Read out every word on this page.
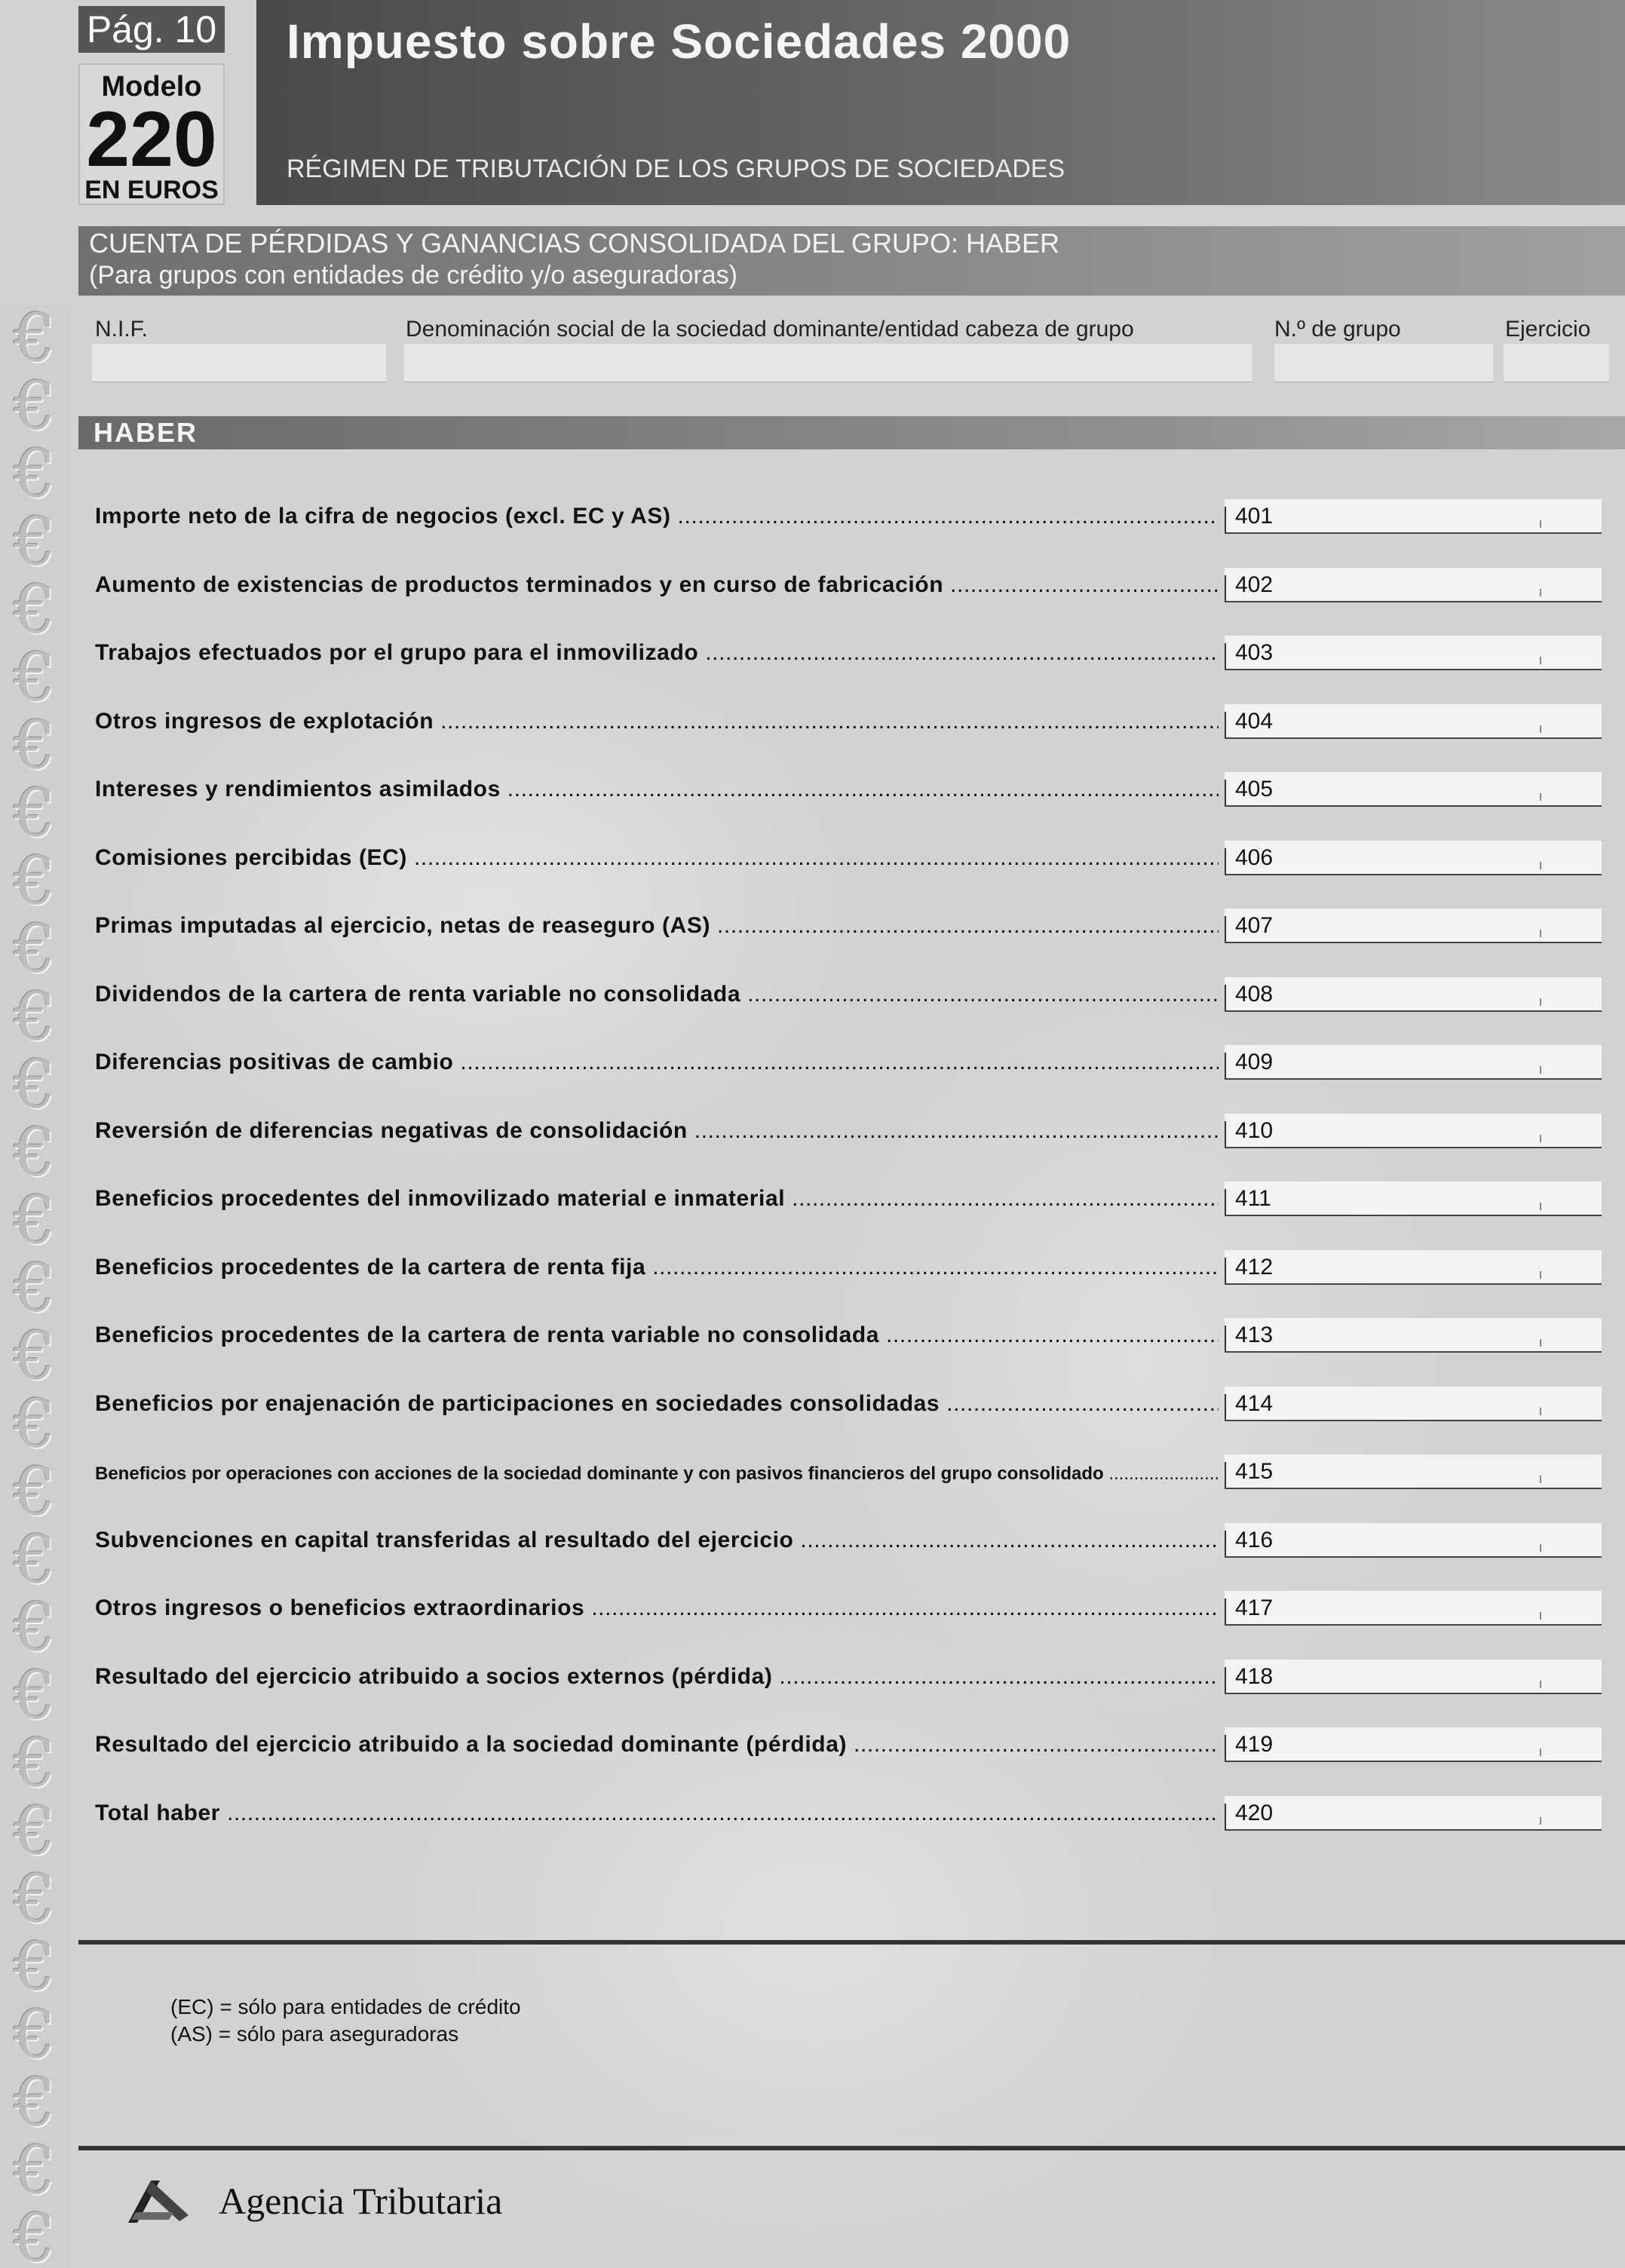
€
€
€
€
€
€
€
€
€
€
€
€
€
€
€
€
€
€
€
€
€
€
€
€
€
€
€
€
€
Pág. 10
Modelo
220
EN EUROS
Impuesto sobre Sociedades 2000
RÉGIMEN DE TRIBUTACIÓN DE LOS GRUPOS DE SOCIEDADES
CUENTA DE PÉRDIDAS Y GANANCIAS CONSOLIDADA DEL GRUPO: HABER
(Para grupos con entidades de crédito y/o aseguradoras)
N.I.F.	Denominación social de la sociedad dominante/entidad cabeza de grupo	N.º de grupo	Ejercicio
HABER
Importe neto de la cifra de negocios (excl. EC y AS) .....	401
Aumento de existencias de productos terminados y en curso de fabricación .....	402
Trabajos efectuados por el grupo para el inmovilizado .....	403
Otros ingresos de explotación .....	404
Intereses y rendimientos asimilados .....	405
Comisiones percibidas (EC) .....	406
Primas imputadas al ejercicio, netas de reaseguro (AS) .....	407
Dividendos de la cartera de renta variable no consolidada .....	408
Diferencias positivas de cambio .....	409
Reversión de diferencias negativas de consolidación .....	410
Beneficios procedentes del inmovilizado material e inmaterial .....	411
Beneficios procedentes de la cartera de renta fija .....	412
Beneficios procedentes de la cartera de renta variable no consolidada .....	413
Beneficios por enajenación de participaciones en sociedades consolidadas .....	414
Beneficios por operaciones con acciones de la sociedad dominante y con pasivos financieros del grupo consolidado .....	415
Subvenciones en capital transferidas al resultado del ejercicio .....	416
Otros ingresos o beneficios extraordinarios .....	417
Resultado del ejercicio atribuido a socios externos (pérdida) .....	418
Resultado del ejercicio atribuido a la sociedad dominante (pérdida) .....	419
Total haber .....	420
(EC) = sólo para entidades de crédito
(AS) = sólo para aseguradoras
Agencia Tributaria
